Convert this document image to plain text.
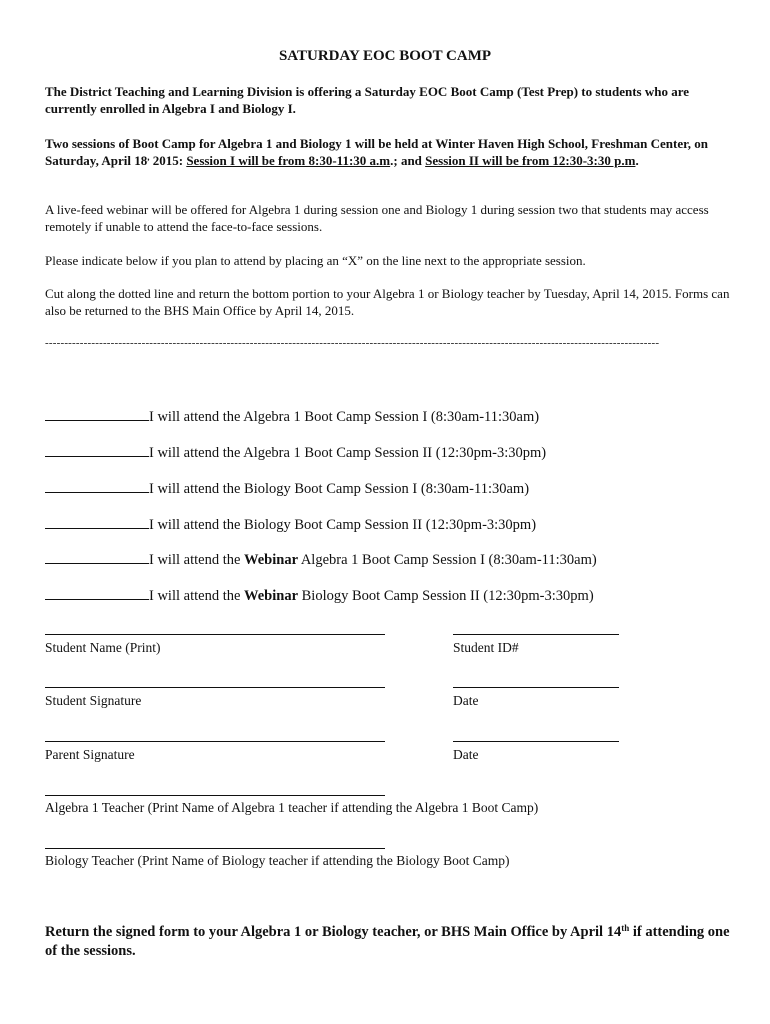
SATURDAY EOC BOOT CAMP
The District Teaching and Learning Division is offering a Saturday EOC Boot Camp (Test Prep) to students who are currently enrolled in Algebra I and Biology I.
Two sessions of Boot Camp for Algebra 1 and Biology 1 will be held at Winter Haven High School, Freshman Center, on Saturday, April 18, 2015: Session I will be from 8:30-11:30 a.m.; and Session II will be from 12:30-3:30 p.m.
A live-feed webinar will be offered for Algebra 1 during session one and Biology 1 during session two that students may access remotely if unable to attend the face-to-face sessions.
Please indicate below if you plan to attend by placing an “X” on the line next to the appropriate session.
Cut along the dotted line and return the bottom portion to your Algebra 1 or Biology teacher by Tuesday, April 14, 2015. Forms can also be returned to the BHS Main Office by April 14, 2015.
---------------------------------------------------------------------------------------------------------------------------------------------------------------
I will attend the Algebra 1 Boot Camp Session I (8:30am-11:30am)
I will attend the Algebra 1 Boot Camp Session II (12:30pm-3:30pm)
I will attend the Biology Boot Camp Session I (8:30am-11:30am)
I will attend the Biology Boot Camp Session II (12:30pm-3:30pm)
I will attend the Webinar Algebra 1 Boot Camp Session I (8:30am-11:30am)
I will attend the Webinar Biology Boot Camp Session II (12:30pm-3:30pm)
Student Name (Print)	Student ID#
Student Signature	Date
Parent Signature	Date
Algebra 1 Teacher (Print Name of Algebra 1 teacher if attending the Algebra 1 Boot Camp)
Biology Teacher (Print Name of Biology teacher if attending the Biology Boot Camp)
Return the signed form to your Algebra 1 or Biology teacher, or BHS Main Office by April 14th if attending one of the sessions.
